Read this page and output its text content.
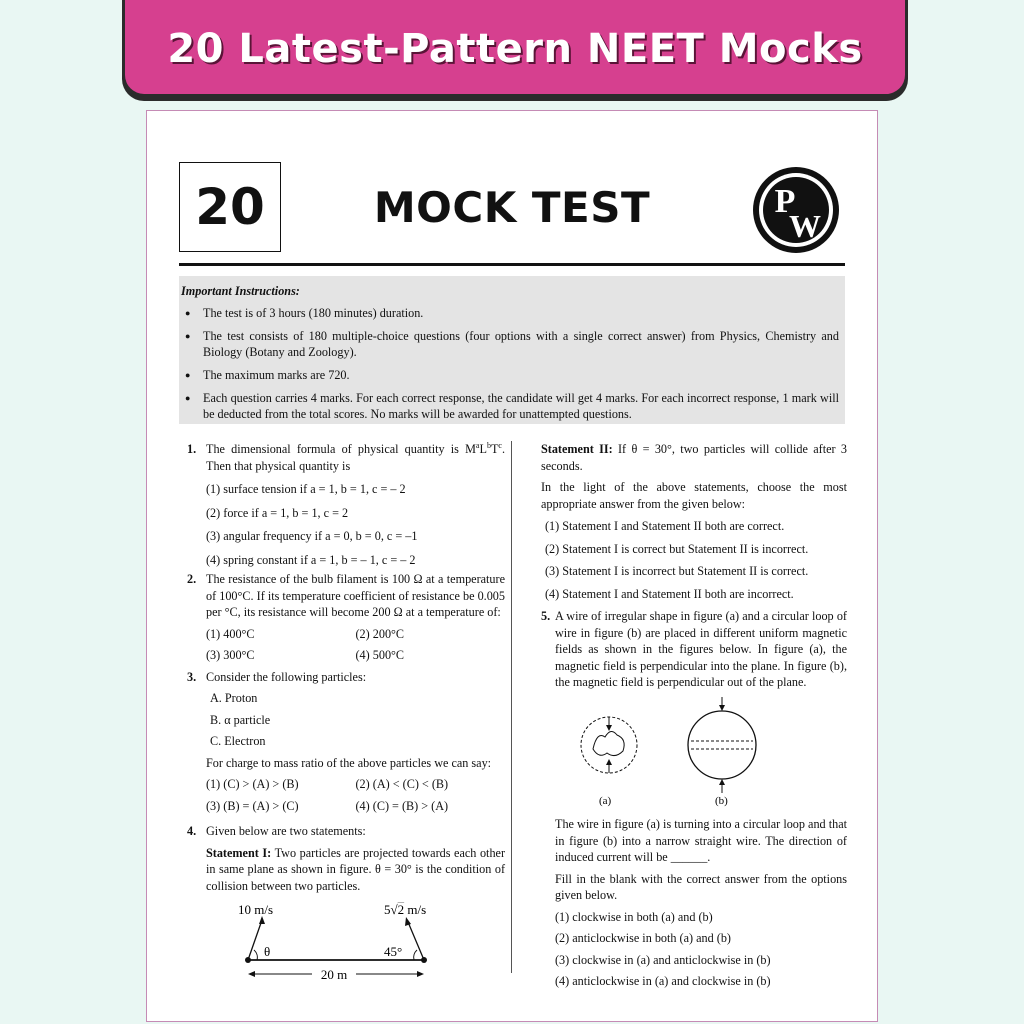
20 Latest-Pattern NEET Mocks
20	MOCK TEST	P
W
Important Instructions:
● The test is of 3 hours (180 minutes) duration.
● The test consists of 180 multiple-choice questions (four options with a single correct answer) from Physics, Chemistry and Biology (Botany and Zoology).
● The maximum marks are 720.
● Each question carries 4 marks. For each correct response, the candidate will get 4 marks. For each incorrect response, 1 mark will be deducted from the total scores. No marks will be awarded for unattempted questions.
1. The dimensional formula of physical quantity is $M^aL^bT^c$. Then that physical quantity is
(1) surface tension if a = 1, b = 1, c = – 2
(2) force if a = 1, b = 1, c = 2
(3) angular frequency if a = 0, b = 0, c = –1
(4) spring constant if a = 1, b = – 1, c = – 2
2. The resistance of the bulb filament is 100 Ω at a temperature of 100°C. If its temperature coefficient of resistance be 0.005 per °C, its resistance will become 200 Ω at a temperature of:
(1) 400°C	(2) 200°C
(3) 300°C	(4) 500°C
3. Consider the following particles:
A. Proton
B. α particle
C. Electron
For charge to mass ratio of the above particles we can say:
(1) (C) > (A) > (B)	(2) (A) < (C) < (B)
(3) (B) = (A) > (C)	(4) (C) = (B) > (A)
4. Given below are two statements:
Statement I: Two particles are projected towards each other in same plane as shown in figure. θ = 30° is the condition of collision between two particles.
10 m/s	5√2 m/s
θ	45°
20 m
Statement II: If θ = 30°, two particles will collide after 3 seconds.
In the light of the above statements, choose the most appropriate answer from the given below:
(1) Statement I and Statement II both are correct.
(2) Statement I is correct but Statement II is incorrect.
(3) Statement I is incorrect but Statement II is correct.
(4) Statement I and Statement II both are incorrect.
5. A wire of irregular shape in figure (a) and a circular loop of wire in figure (b) are placed in different uniform magnetic fields as shown in the figures below. In figure (a), the magnetic field is perpendicular into the plane. In figure (b), the magnetic field is perpendicular out of the plane.
(a)	(b)
The wire in figure (a) is turning into a circular loop and that in figure (b) into a narrow straight wire. The direction of induced current will be ______.
Fill in the blank with the correct answer from the options given below.
(1) clockwise in both (a) and (b)
(2) anticlockwise in both (a) and (b)
(3) clockwise in (a) and anticlockwise in (b)
(4) anticlockwise in (a) and clockwise in (b)
